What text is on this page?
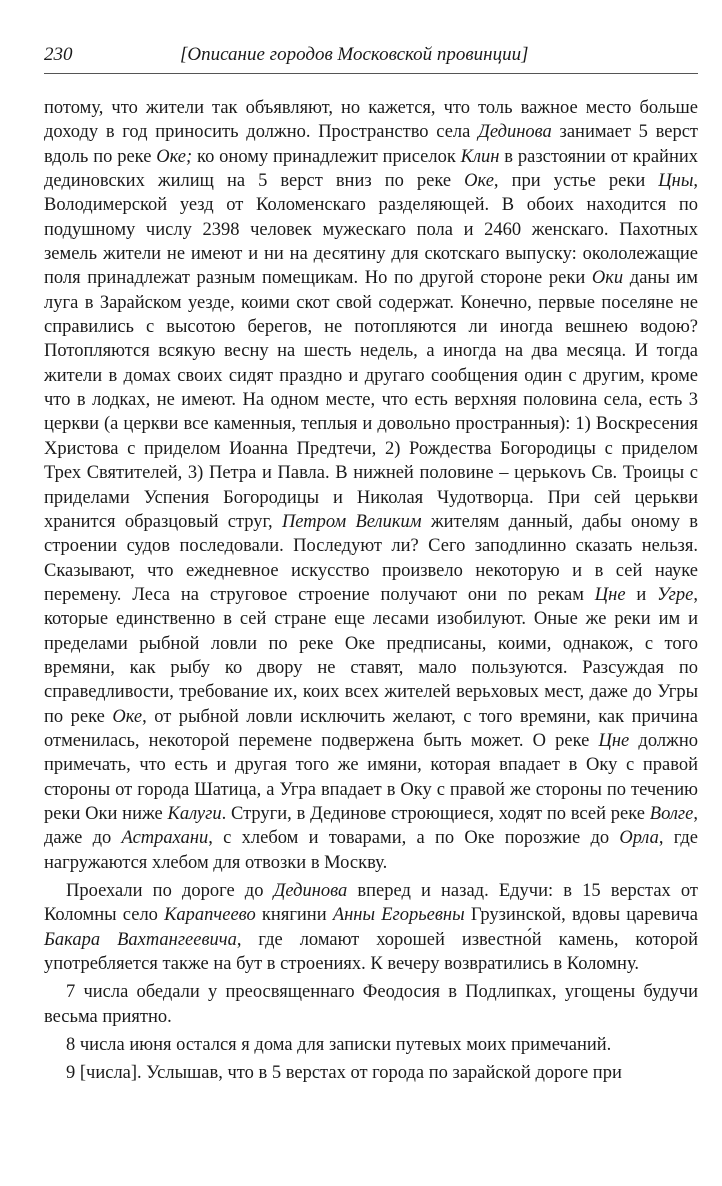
230	[Описание городов Московской провинции]

потому, что жители так объявляют, но кажется, что толь важное место больше доходу в год приносить должно. Пространство села Дединова занимает 5 верст вдоль по реке Оке; ко оному принадлежит приселок Клин в разстоянии от крайних дединовских жилищ на 5 верст вниз по реке Оке, при устье реки Цны, Володимерской уезд от Коломенскаго разделяющей. В обоих находится по подушному числу 2398 человек мужескаго пола и 2460 женскаго. Пахотных земель жители не имеют и ни на десятину для скотскаго выпуску: окололежащие поля принадлежат разным помещикам. Но по другой стороне реки Оки даны им луга в Зарайском уезде, коими скот свой содержат. Конечно, первые поселяне не справились с высотою берегов, не потопляются ли иногда вешнею водою? Потопляются всякую весну на шесть недель, а иногда на два месяца. И тогда жители в домах своих сидят праздно и другаго сообщения один с другим, кроме что в лодках, не имеют. На одном месте, что есть верхняя половина села, есть 3 церкви (а церкви все каменныя, теплыя и довольно пространныя): 1) Воскресения Христова с приделом Иоанна Предтечи, 2) Рождества Богородицы с приделом Трех Святителей, 3) Петра и Павла. В нижней половине – церькovь Св. Троицы с приделами Успения Богородицы и Николая Чудотворца. При сей церькви хранится образцовый струг, Петром Великим жителям данный, дабы оному в строении судов последовали. Последуют ли? Сего заподлинно сказать нельзя. Сказывают, что ежедневное искусство произвело некоторую и в сей науке перемену. Леса на струговое строение получают они по рекам Цне и Угре, которые единственно в сей стране еще лесами изобилуют. Оные же реки им и пределами рыбной ловли по реке Оке предписаны, коими, однакож, с того времяни, как рыбу ко двору не ставят, мало пользуются. Разсуждая по справедливости, требование их, коих всех жителей верьховых мест, даже до Угры по реке Оке, от рыбной ловли исключить желают, с того времяни, как причина отменилась, некоторой перемене подвержена быть может. О реке Цне должно примечать, что есть и другая того же имяни, которая впадает в Оку с правой стороны от города Шатица, а Угра впадает в Оку с правой же стороны по течению реки Оки ниже Калуги. Струги, в Дединове строющиеся, ходят по всей реке Волге, даже до Астрахани, с хлебом и товарами, а по Оке порозжие до Орла, где нагружаются хлебом для отвозки в Москву.

Проехали по дороге до Дединова вперед и назад. Едучи: в 15 верстах от Коломны село Карапчеево княгини Анны Егорьевны Грузинской, вдовы царевича Бакара Вахтангеевича, где ломают хорошей известно́й камень, которой употребляется также на бут в строениях. К вечеру возвратились в Коломну.

7 числа обедали у преосвященнаго Феодосия в Подлипках, угощены будучи весьма приятно.

8 числа июня остался я дома для записки путевых моих примечаний.

9 [числа]. Услышав, что в 5 верстах от города по зарайской дороге при
